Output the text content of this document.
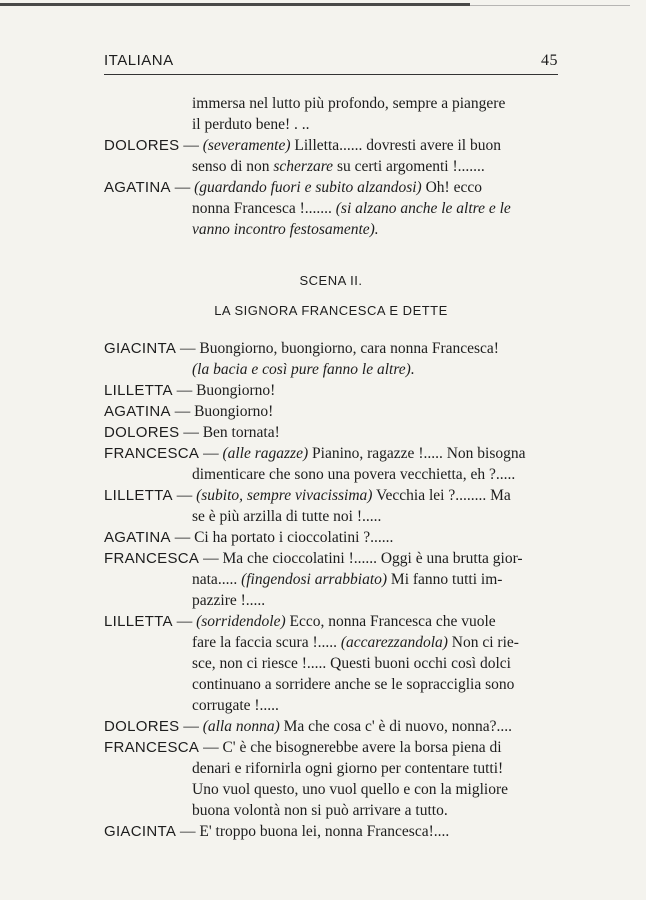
ITALIANA	45
immersa nel lutto più profondo, sempre a piangere
il perduto bene! . ..
DOLORES — (severamente) Lilletta...... dovresti avere il buon
senso di non scherzare su certi argomenti !.......
AGATINA — (guardando fuori e subito alzandosi) Oh! ecco
nonna Francesca !....... (si alzano anche le altre e le
vanno incontro festosamente).
SCENA II.
LA SIGNORA FRANCESCA E DETTE
GIACINTA — Buongiorno, buongiorno, cara nonna Francesca!
(la bacia e così pure fanno le altre).
LILLETTA — Buongiorno!
AGATINA — Buongiorno!
DOLORES — Ben tornata!
FRANCESCA — (alle ragazze) Pianino, ragazze !..... Non bisogna
dimenticare che sono una povera vecchietta, eh ?.....
LILLETTA — (subito, sempre vivacissima) Vecchia lei ?........ Ma
se è più arzilla di tutte noi !.....
AGATINA — Ci ha portato i cioccolatini ?......
FRANCESCA — Ma che cioccolatini !...... Oggi è una brutta gior-
nata..... (fingendosi arrabbiato) Mi fanno tutti im-
pazzire !.....
LILLETTA — (sorridendole) Ecco, nonna Francesca che vuole
fare la faccia scura !..... (accarezzandola) Non ci rie-
sce, non ci riesce !..... Questi buoni occhi così dolci
continuano a sorridere anche se le sopracciglia sono
corrugate !.....
DOLORES — (alla nonna) Ma che cosa c' è di nuovo, nonna?....
FRANCESCA — C' è che bisognerebbe avere la borsa piena di
denari e rifornirla ogni giorno per contentare tutti!
Uno vuol questo, uno vuol quello e con la migliore
buona volontà non si può arrivare a tutto.
GIACINTA — E' troppo buona lei, nonna Francesca!....
